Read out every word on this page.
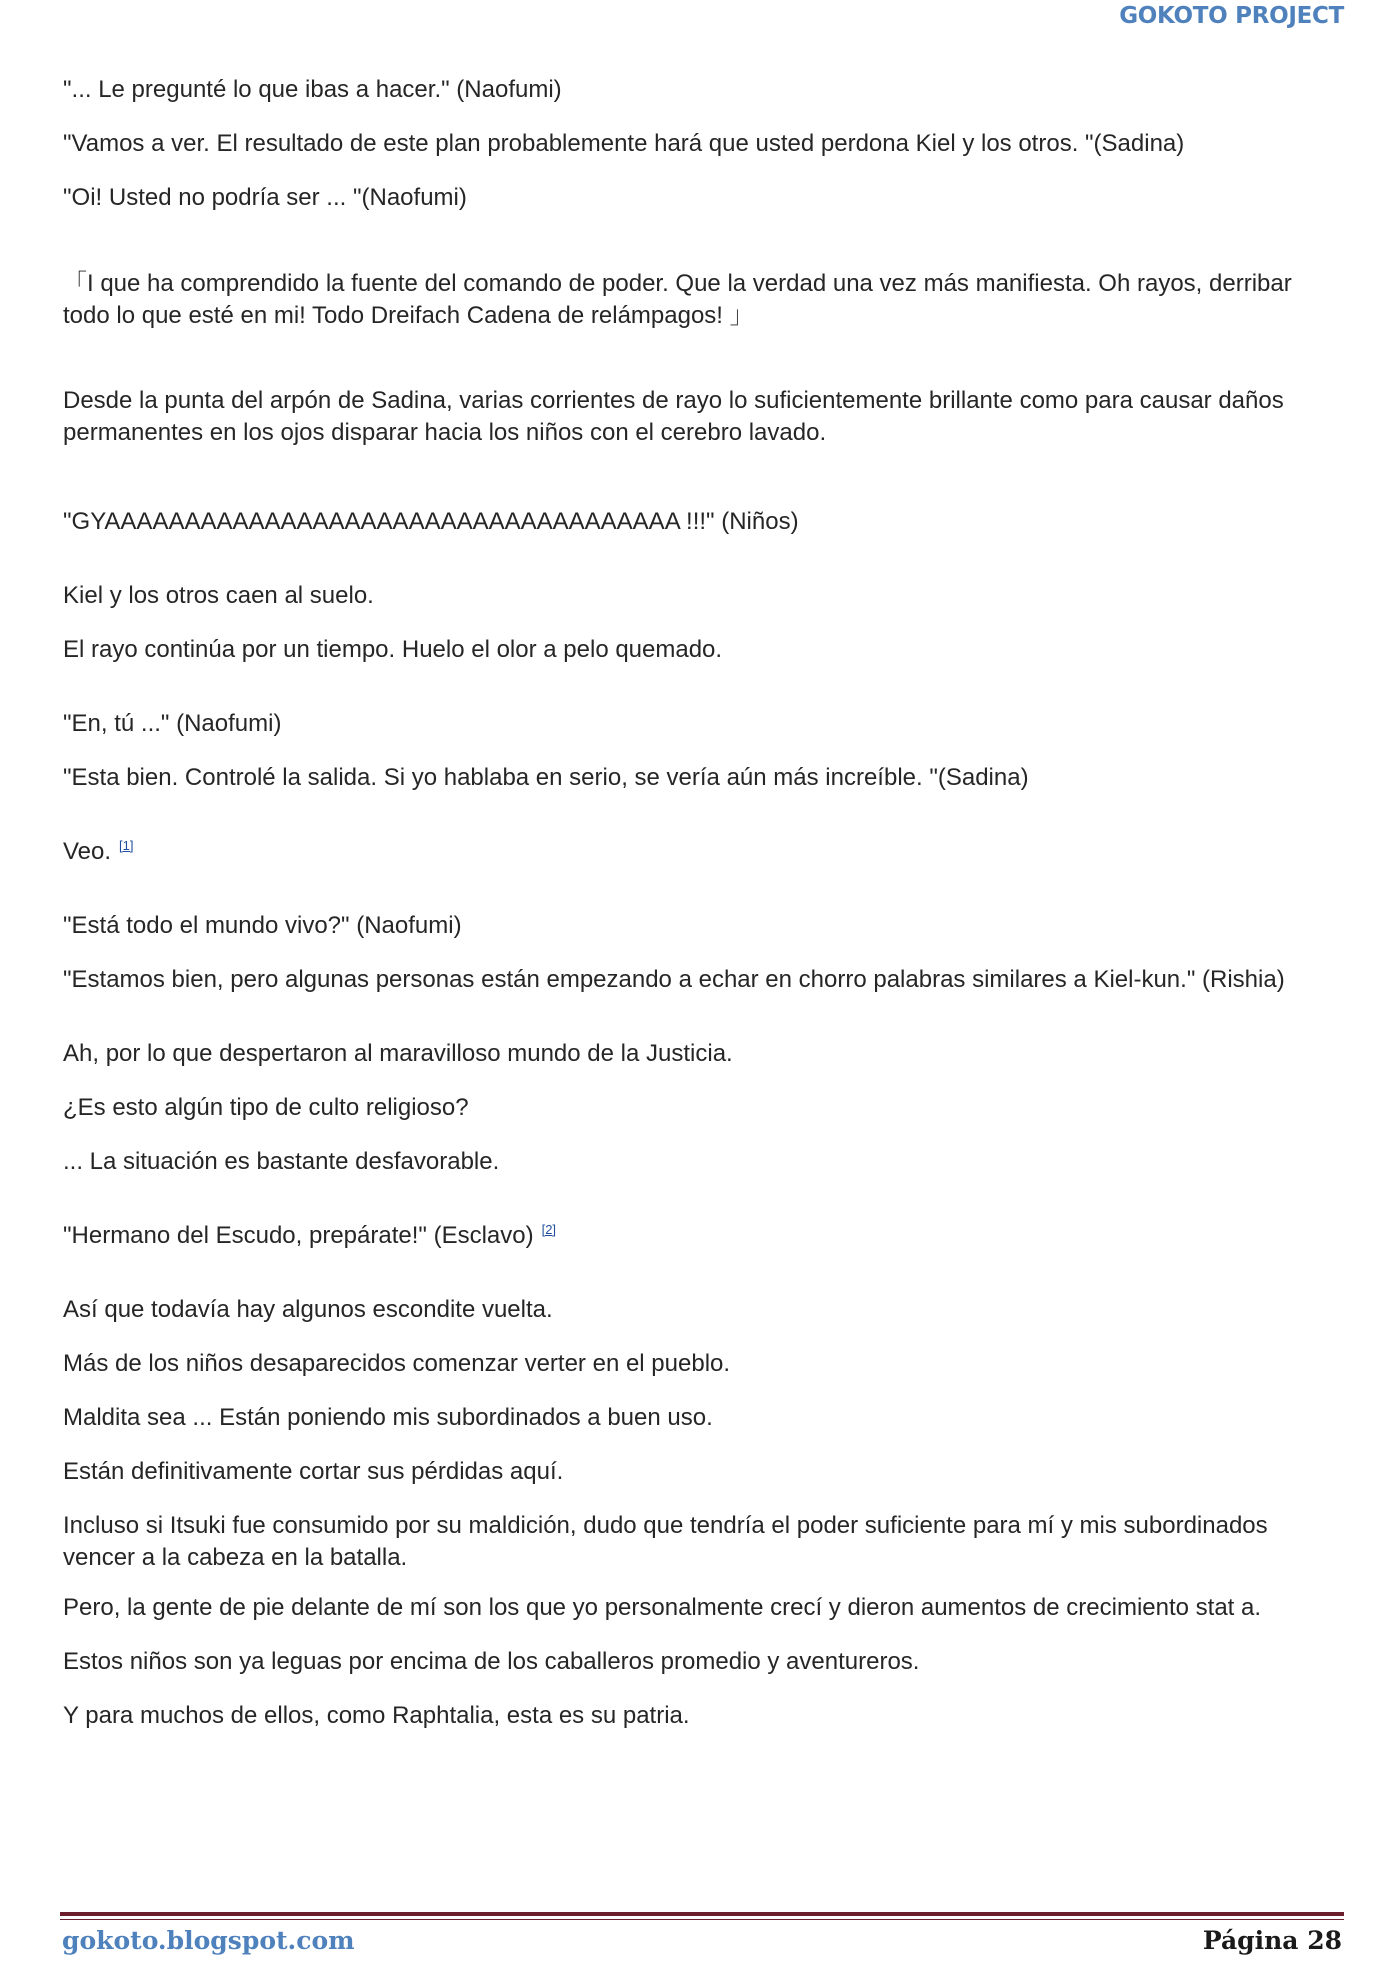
GOKOTO PROJECT

"... Le pregunté lo que ibas a hacer." (Naofumi)

"Vamos a ver. El resultado de este plan probablemente hará que usted perdona Kiel y los otros. "(Sadina)

"Oi! Usted no podría ser ... "(Naofumi)

「I que ha comprendido la fuente del comando de poder. Que la verdad una vez más manifiesta. Oh rayos, derribar todo lo que esté en mi! Todo Dreifach Cadena de relámpagos! 」

Desde la punta del arpón de Sadina, varias corrientes de rayo lo suficientemente brillante como para causar daños permanentes en los ojos disparar hacia los niños con el cerebro lavado.

"GYAAAAAAAAAAAAAAAAAAAAAAAAAAAAAAAAAAAA !!!" (Niños)

Kiel y los otros caen al suelo.

El rayo continúa por un tiempo. Huelo el olor a pelo quemado.

"En, tú ..." (Naofumi)

"Esta bien. Controlé la salida. Si yo hablaba en serio, se vería aún más increíble. "(Sadina)

Veo. [1]

"Está todo el mundo vivo?" (Naofumi)

"Estamos bien, pero algunas personas están empezando a echar en chorro palabras similares a Kiel-kun." (Rishia)

Ah, por lo que despertaron al maravilloso mundo de la Justicia.

¿Es esto algún tipo de culto religioso?

... La situación es bastante desfavorable.

"Hermano del Escudo, prepárate!" (Esclavo) [2]

Así que todavía hay algunos escondite vuelta.

Más de los niños desaparecidos comenzar verter en el pueblo.

Maldita sea ... Están poniendo mis subordinados a buen uso.

Están definitivamente cortar sus pérdidas aquí.

Incluso si Itsuki fue consumido por su maldición, dudo que tendría el poder suficiente para mí y mis subordinados vencer a la cabeza en la batalla.

Pero, la gente de pie delante de mí son los que yo personalmente crecí y dieron aumentos de crecimiento stat a.

Estos niños son ya leguas por encima de los caballeros promedio y aventureros.

Y para muchos de ellos, como Raphtalia, esta es su patria.

gokoto.blogspot.com	Página 28
